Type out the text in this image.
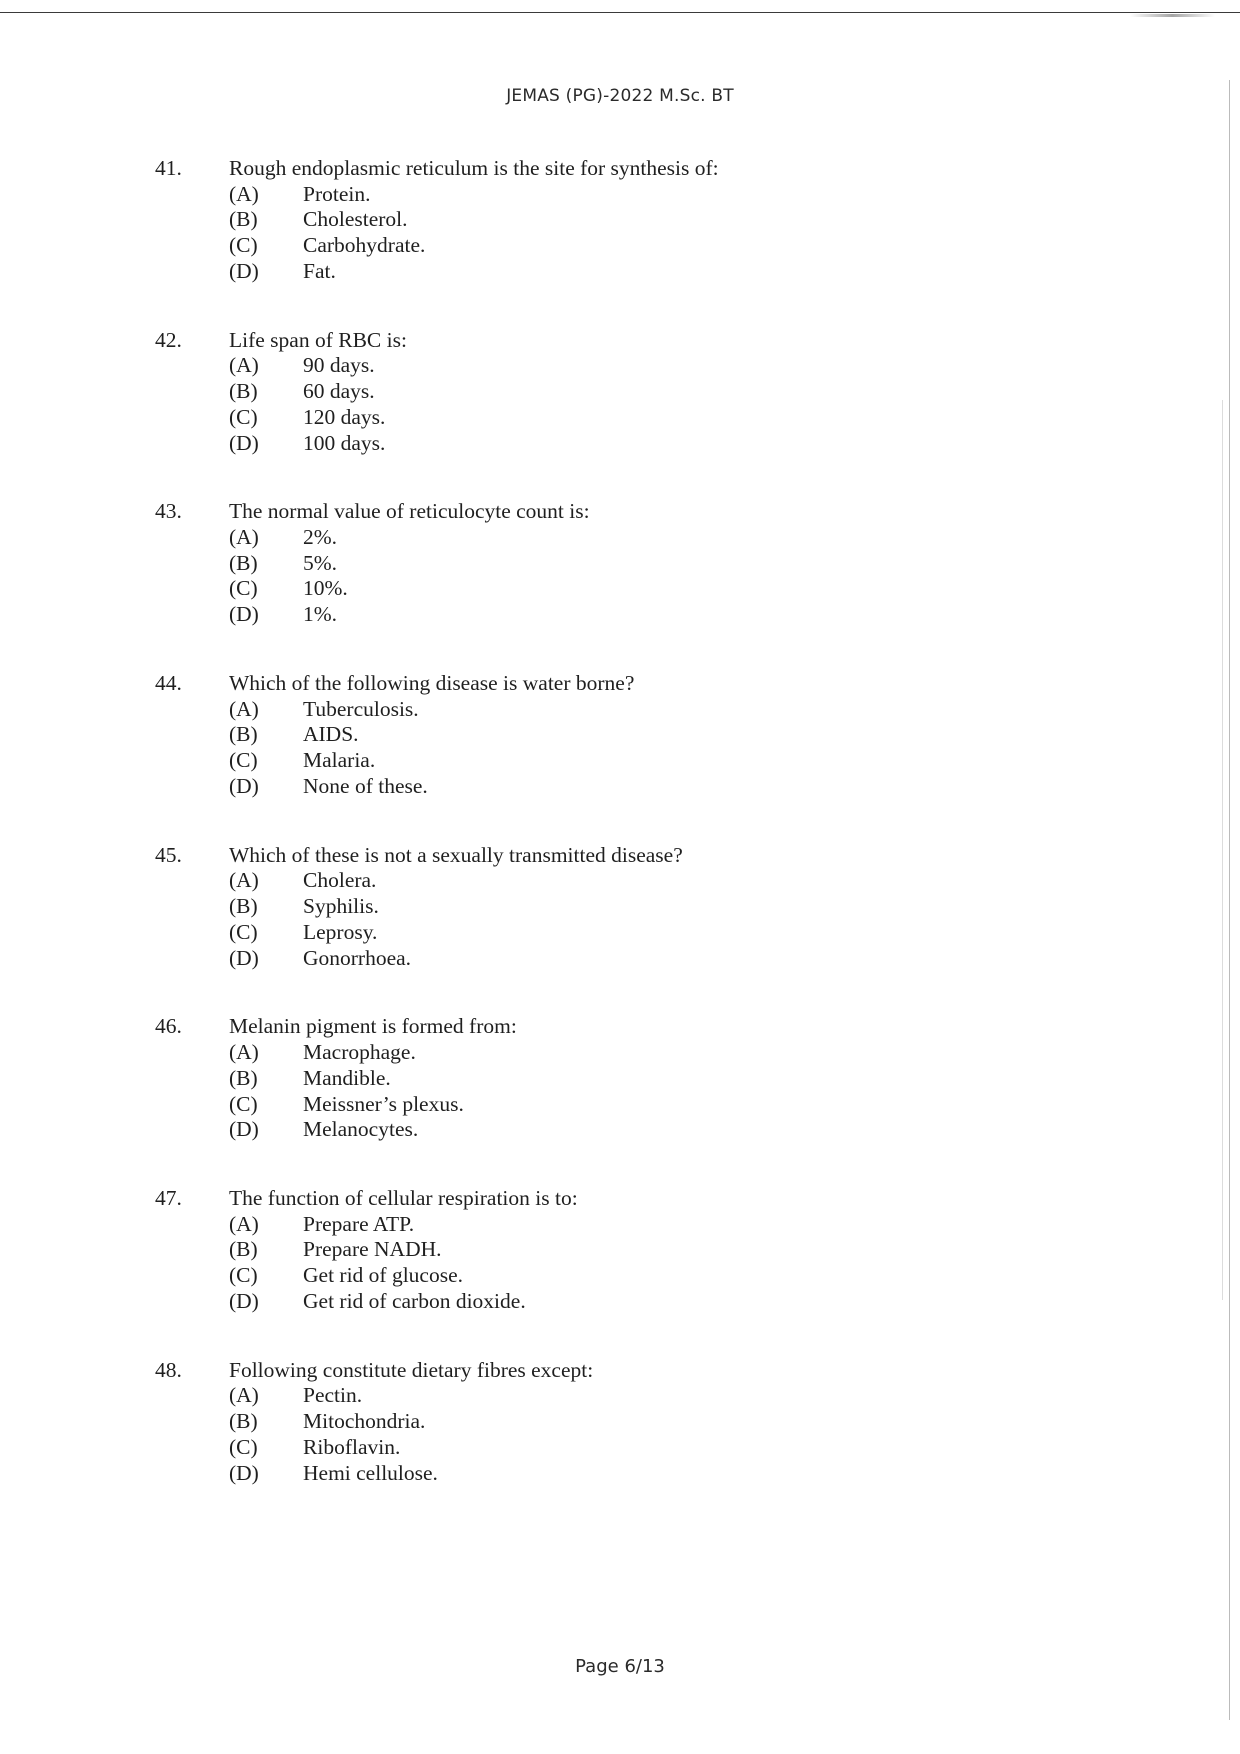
JEMAS (PG)-2022 M.Sc. BT
41.	Rough endoplasmic reticulum is the site for synthesis of:
(A)	Protein.
(B)	Cholesterol.
(C)	Carbohydrate.
(D)	Fat.
42.	Life span of RBC is:
(A)	90 days.
(B)	60 days.
(C)	120 days.
(D)	100 days.
43.	The normal value of reticulocyte count is:
(A)	2%.
(B)	5%.
(C)	10%.
(D)	1%.
44.	Which of the following disease is water borne?
(A)	Tuberculosis.
(B)	AIDS.
(C)	Malaria.
(D)	None of these.
45.	Which of these is not a sexually transmitted disease?
(A)	Cholera.
(B)	Syphilis.
(C)	Leprosy.
(D)	Gonorrhoea.
46.	Melanin pigment is formed from:
(A)	Macrophage.
(B)	Mandible.
(C)	Meissner’s plexus.
(D)	Melanocytes.
47.	The function of cellular respiration is to:
(A)	Prepare ATP.
(B)	Prepare NADH.
(C)	Get rid of glucose.
(D)	Get rid of carbon dioxide.
48.	Following constitute dietary fibres except:
(A)	Pectin.
(B)	Mitochondria.
(C)	Riboflavin.
(D)	Hemi cellulose.
Page 6/13
